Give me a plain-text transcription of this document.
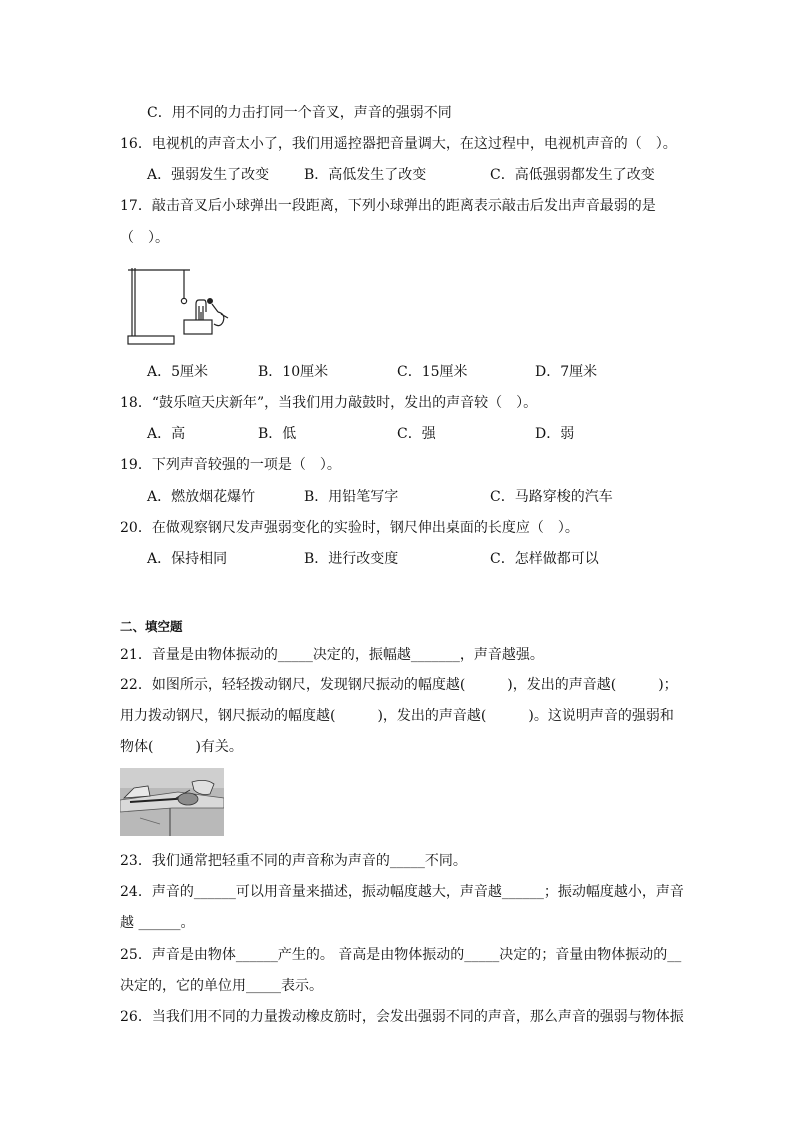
C．用不同的力击打同一个音叉，声音的强弱不同
16．电视机的声音太小了，我们用遥控器把音量调大，在这过程中，电视机声音的（　）。
A．强弱发生了改变 B．高低发生了改变	C．高低强弱都发生了改变
17．敲击音叉后小球弹出一段距离，下列小球弹出的距离表示敲击后发出声音最弱的是
（　）。
A．5厘米	B．10厘米	C．15厘米	D．7厘米
18．“鼓乐喧天庆新年”，当我们用力敲鼓时，发出的声音较（　）。
A．高	B．低	C．强	D．弱
19．下列声音较强的一项是（　）。
A．燃放烟花爆竹	B．用铅笔写字	C．马路穿梭的汽车
20．在做观察钢尺发声强弱变化的实验时，钢尺伸出桌面的长度应（　）。
A．保持相同	B．进行改变度	C．怎样做都可以
二、填空题
21．音量是由物体振动的_____决定的，振幅越_______，声音越强。
22．如图所示，轻轻拨动钢尺，发现钢尺振动的幅度越(　　　)，发出的声音越(　　　)；
用力拨动钢尺，钢尺振动的幅度越(　　　)，发出的声音越(　　　)。这说明声音的强弱和
物体(　　　)有关。
23．我们通常把轻重不同的声音称为声音的_____不同。
24．声音的______可以用音量来描述，振动幅度越大，声音越______；振动幅度越小，声音
越 ______。
25．声音是由物体______产生的。 音高是由物体振动的_____决定的；音量由物体振动的__
决定的，它的单位用_____表示。
26．当我们用不同的力量拨动橡皮筋时，会发出强弱不同的声音，那么声音的强弱与物体振
